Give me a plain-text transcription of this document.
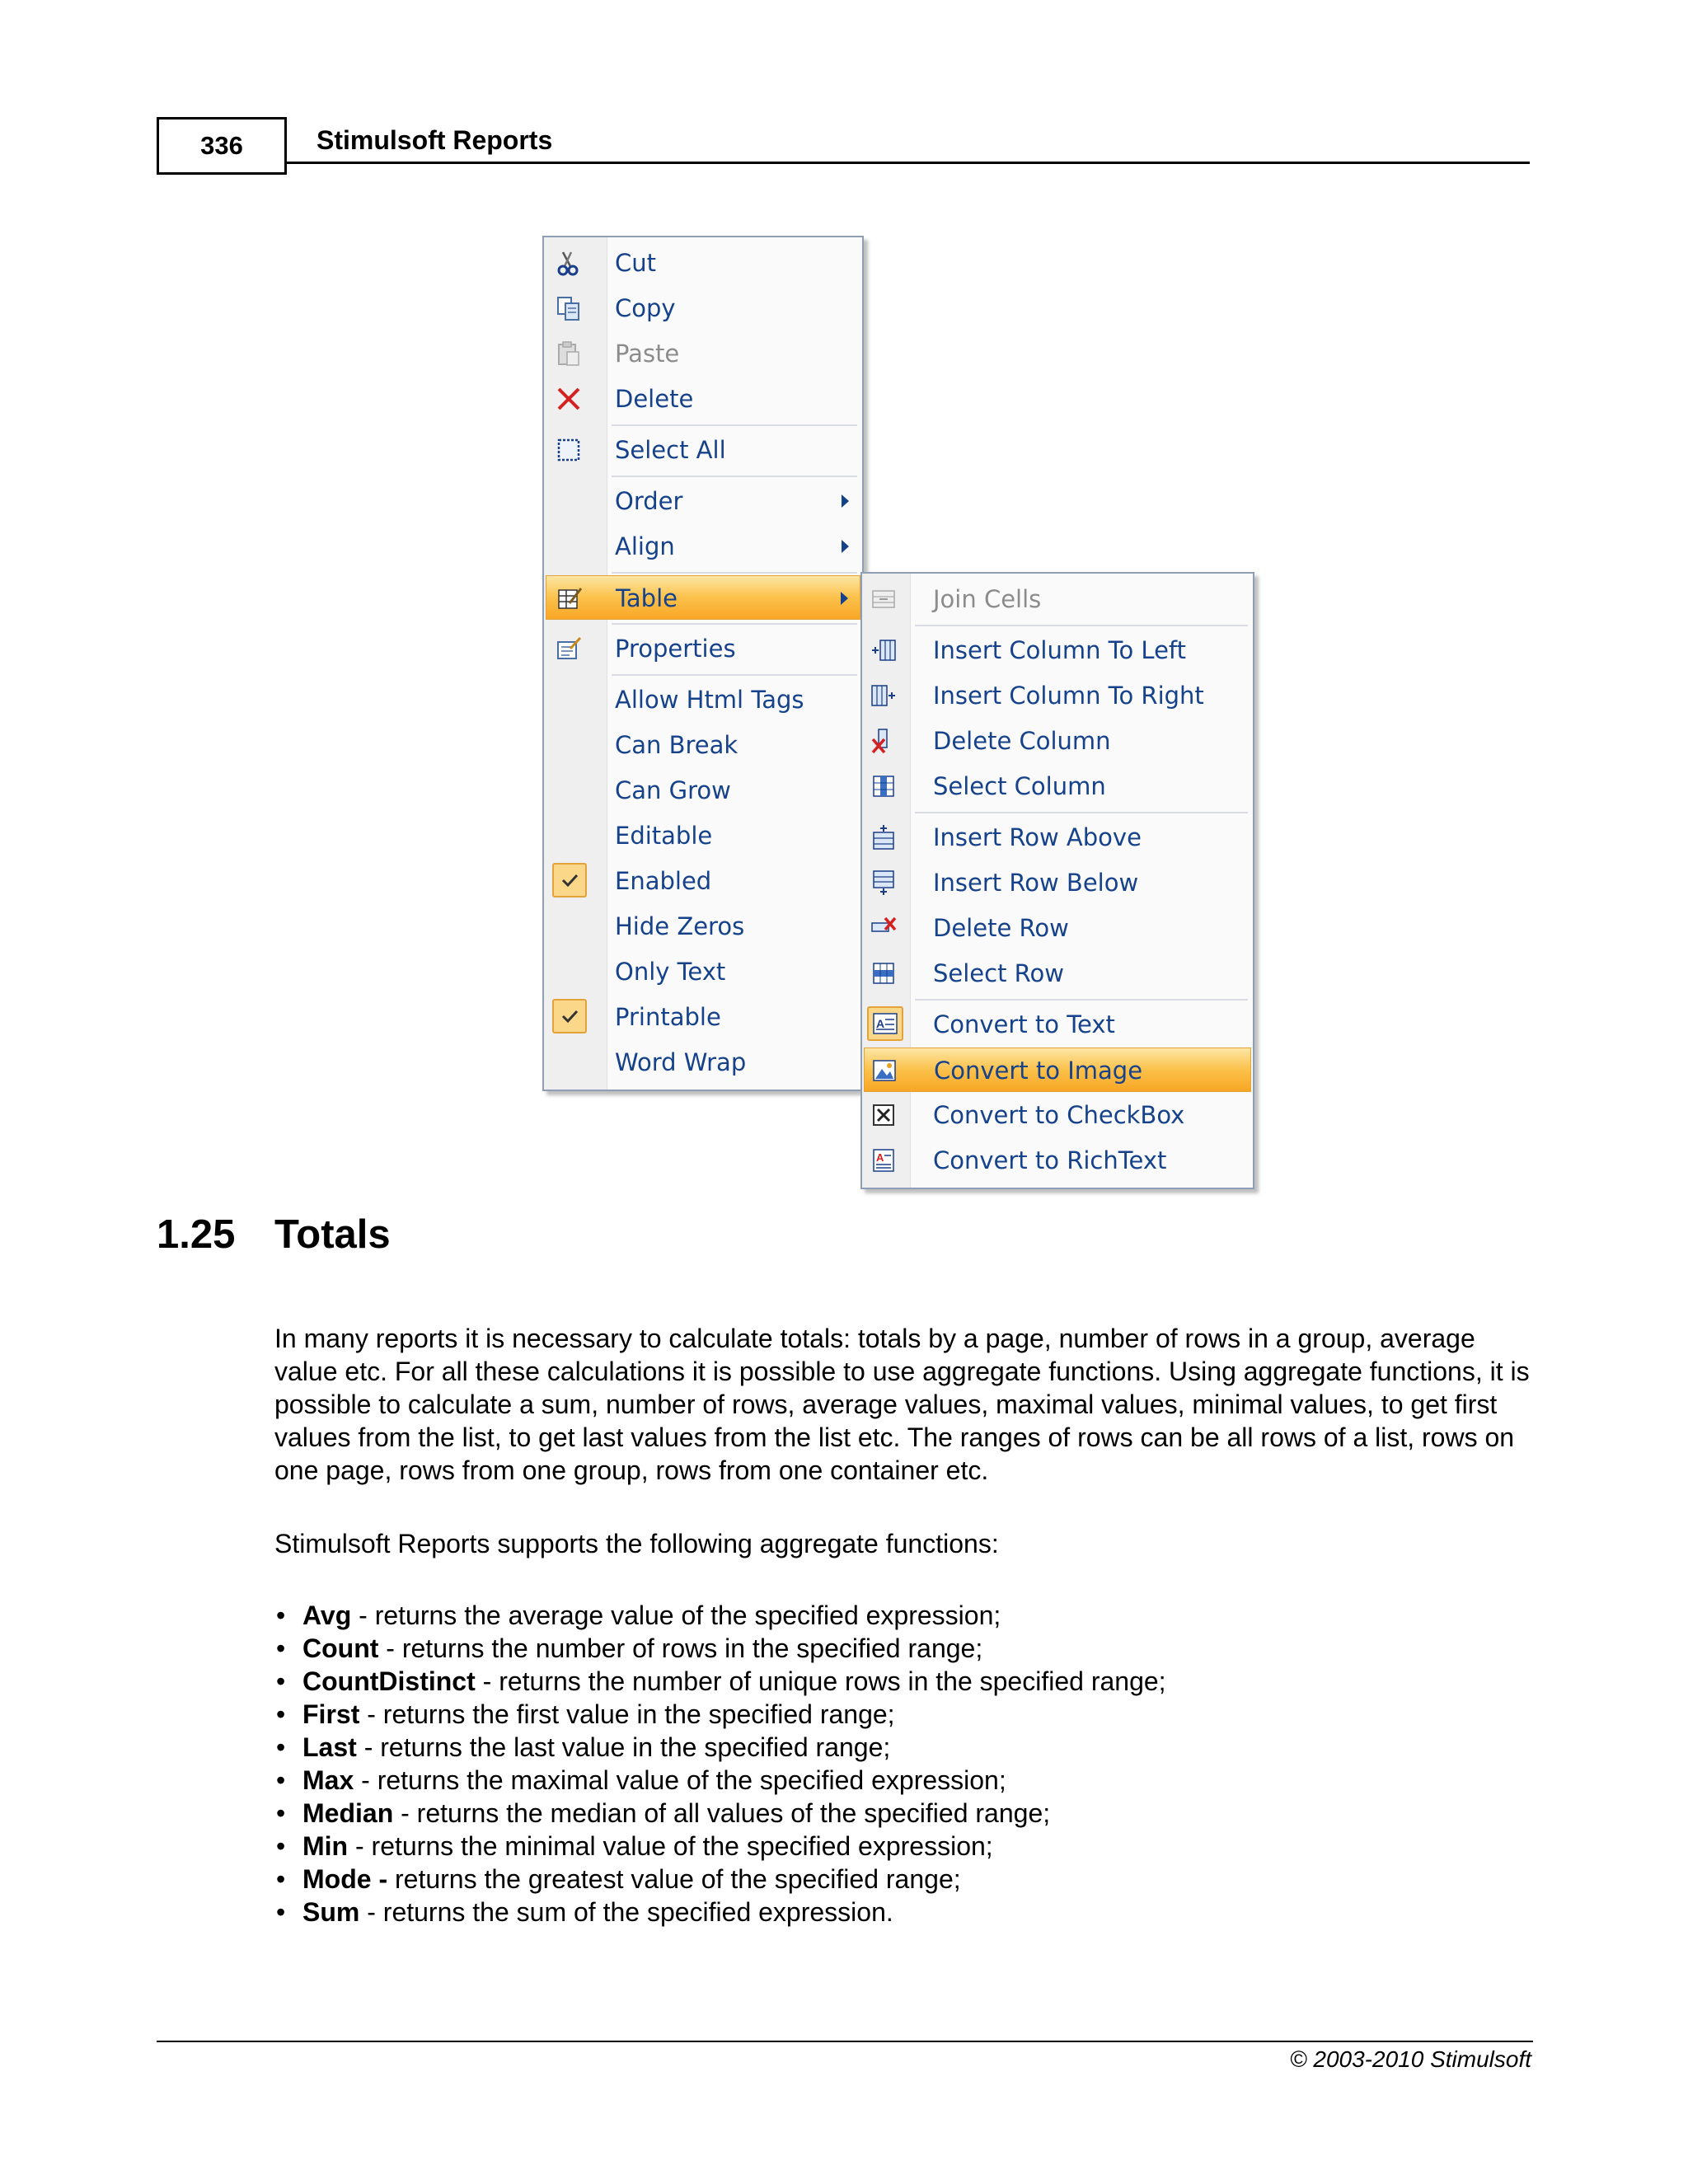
336	Stimulsoft Reports
Cut
Copy
Paste
Delete
Select All
Order
Align
Table
Properties
Allow Html Tags
Can Break
Can Grow
Editable
Enabled
Hide Zeros
Only Text
Printable
Word Wrap
Join Cells
Insert Column To Left
Insert Column To Right
Delete Column
Select Column
Insert Row Above
Insert Row Below
Delete Row
Select Row
A Convert to Text
Convert to Image
Convert to CheckBox
A Convert to RichText
1.25 Totals
In many reports it is necessary to calculate totals: totals by a page, number of rows in a group, average value etc. For all these calculations it is possible to use aggregate functions. Using aggregate functions, it is possible to calculate a sum, number of rows, average values, maximal values, minimal values, to get first values from the list, to get last values from the list etc. The ranges of rows can be all rows of a list, rows on one page, rows from one group, rows from one container etc.
Stimulsoft Reports supports the following aggregate functions:
• Avg - returns the average value of the specified expression;
• Count - returns the number of rows in the specified range;
• CountDistinct - returns the number of unique rows in the specified range;
• First - returns the first value in the specified range;
• Last - returns the last value in the specified range;
• Max - returns the maximal value of the specified expression;
• Median - returns the median of all values of the specified range;
• Min - returns the minimal value of the specified expression;
• Mode - returns the greatest value of the specified range;
• Sum - returns the sum of the specified expression.
© 2003-2010 Stimulsoft
